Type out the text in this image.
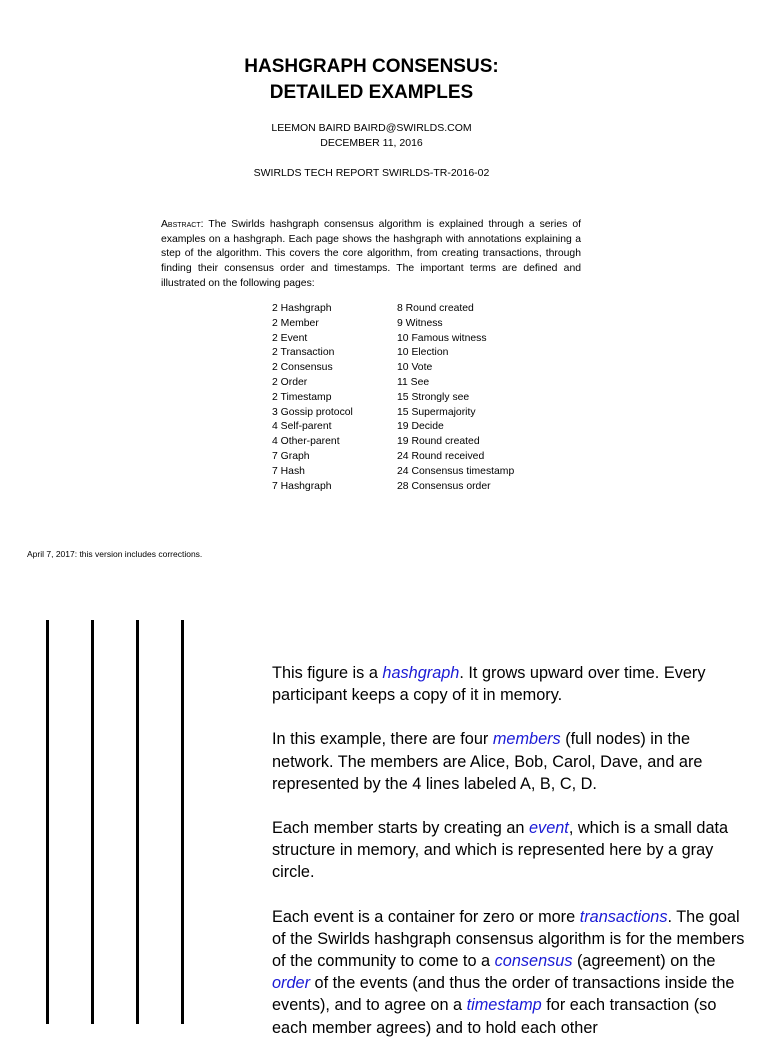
HASHGRAPH CONSENSUS:
DETAILED EXAMPLES
LEEMON BAIRD BAIRD@SWIRLDS.COM
DECEMBER 11, 2016
SWIRLDS TECH REPORT SWIRLDS-TR-2016-02
Abstract: The Swirlds hashgraph consensus algorithm is explained through a series of examples on a hashgraph. Each page shows the hashgraph with annotations explaining a step of the algorithm. This covers the core algorithm, from creating transactions, through finding their consensus order and timestamps. The important terms are defined and illustrated on the following pages:
2 Hashgraph
2 Member
2 Event
2 Transaction
2 Consensus
2 Order
2 Timestamp
3 Gossip protocol
4 Self-parent
4 Other-parent
7 Graph
7 Hash
7 Hashgraph
8 Round created
9 Witness
10 Famous witness
10 Election
10 Vote
11 See
15 Strongly see
15 Supermajority
19 Decide
19 Round created
24 Round received
24 Consensus timestamp
28 Consensus order
April 7, 2017: this version includes corrections.

This figure is a hashgraph. It grows upward over time. Every participant keeps a copy of it in memory.

In this example, there are four members (full nodes) in the network. The members are Alice, Bob, Carol, Dave, and are represented by the 4 lines labeled A, B, C, D.

Each member starts by creating an event, which is a small data structure in memory, and which is represented here by a gray circle.

Each event is a container for zero or more transactions. The goal of the Swirlds hashgraph consensus algorithm is for the members of the community to come to a consensus (agreement) on the order of the events (and thus the order of transactions inside the events), and to agree on a timestamp for each transaction (so each member agrees) and to hold each other
